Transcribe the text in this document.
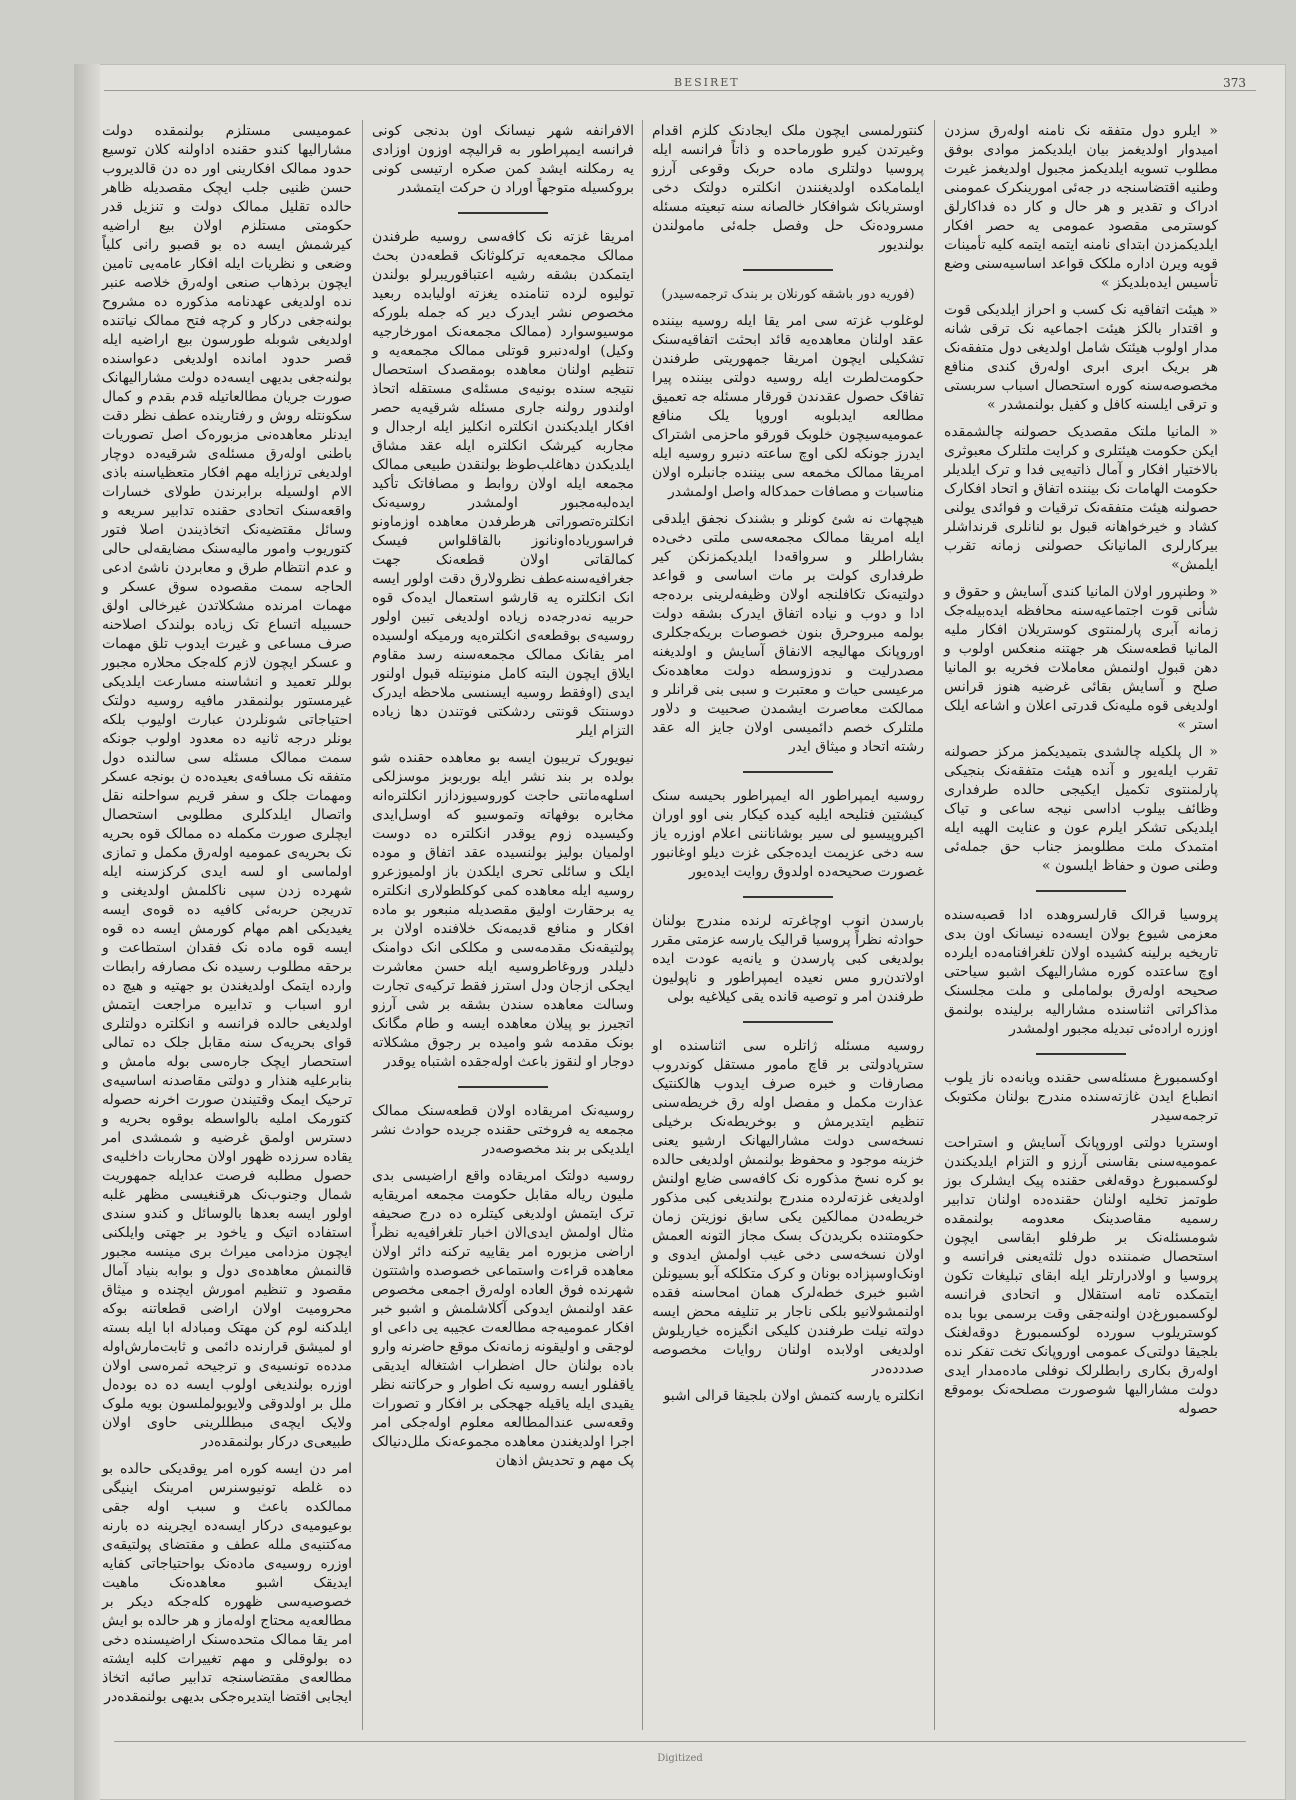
BESIRET	373

« ایلرو دول متفقه نک نامنه اوله‌رق سزدن امیدوار اولدیغمز بیان ایلدیکمز موادی بوفق مطلوب تسویه ایلدیکمز مجبول اولدیغمز غیرت وطنیه اقتضاسنجه در جه‌ئی امورینکرک عمومنی ادراک و تقدیر و هر حال و کار ده فداکارلق کوسترمی مقصود عمومی یه حصر افکار ایلدیکمزدن ابتدای نامنه ایتمه ایتمه کلیه تأمینات قویه ویرن اداره ملکک قواعد اساسیه‌سنی وضع تأسیس ایده‌بلدیکز »

« هیئت اتفاقیه نک کسب و احراز ایلدیکی قوت و اقتدار بالکز هیئت اجماعیه نک ترقی شانه مدار اولوب هیئتک شامل اولدیغی دول متفقه‌نک هر بریک ابری ابری اولەرق کندی منافع مخصوصه‌سنه کوره استحصال اسباب سربستی و ترقی ایلسنه کافل و کفیل بولنمشدر »

« المانیا ملتک مقصدیک حصولنه چالشمقده ایکن حکومت هیئتلری و کرایت ملتلرک معبوثری بالاختیار افکار و آمال ذاتیه‌یی فدا و ترک ایلدیلر حکومت الهامات نک بیننده اتفاق و اتحاد افکارک حصولنه هیئت متفقه‌نک ترقیات و فوائدی یولنی کشاد و خیرخواهانه قبول بو لنانلری قرنداشلر بیرکارلری المانیانک حصولنی زمانه تقرب ایلمش»

« وطنپرور اولان المانیا کندی آسایش و حقوق و شأنی قوت اجتماعیه‌سنه محافظه ایده‌بیلەجک زمانه آبری پارلمنتوی کوستریلان افکار ملیه المانیا قطعه‌سنک هر جهتنه منعکس اولوب و دهن قبول اولنمش معاملات فخریه بو المانیا صلح و آسایش بقائی غرضیه هنوز قرانس اولدیغی قوه ملیه‌نک قدرتی اعلان و اشاعه ایلک استر »

« ال پلکیله چالشدی بتمیدیکمز مرکز حصولنه تقرب ایله‌یور و آنده هیئت متفقه‌نک بنجیکی پارلمنتوی تکمیل ایکیجی حالده طرفداری وظائف بیلوب اداسی نیجه ساعی و تیاک ایلدیکی تشکر ایلرم عون و عنایت الهیه ایله امتمدک ملت مطلوبمز جناب حق جمله‌ئی وطنی صون و حفاظ ایلسون »

پروسیا قرالک قارلسروهده ادا قصبه‌سنده معزمی شیوع بولان ایسەده نیسانک اون بدی تاریخیه برلینه کشیده اولان تلغرافنامه‌ده ایلرده اوچ ساعتده کوره مشارالیهک اشبو سیاحتی صحیحه اوله‌رق بولماملی و ملت مجلسنک مذاکراتی اثناسنده مشارالیه برلینده بولنمق اوزره اراده‌ئی تبدیله مجبور اولمشدر

اوکسمبورغ مسئله‌سی حقنده ویانه‌ده ناز یلوب انطباع ایدن غازته‌سنده مندرج بولنان مکتوبک ترجمه‌سیدر

اوستریا دولتی اوروپانک آسایش و استراحت عمومیه‌سنی بقاسنی آرزو و التزام ایلدیکندن لوکسمبورغ دوقه‌لغی حقنده پیک ایشلرک بوز طوتمز تخلیه اولنان حقنده‌ده اولنان تدابیر رسمیه مقاصدینک معدومه بولنمقده شومسئله‌نک بر طرفلو ابقاسی ایچون استحصال ضمننده دول ثلثه‌یعنی فرانسه و پروسیا و اولادرارتلر ایله ابقای تبلیغات تکون ایتمکده تامه استقلال و اتحادی فرانسه لوکسمبورغ‌دن اولنه‌جقی وقت برسمی بوبا بده کوستریلوب سورده لوکسمبورغ دوقه‌لغنک بلجیقا دولتی‌ک عمومی اوروپانک تخت تفکر نده اولەرق بکاری رابطلرلک نوفلی مادەمدار ایدی دولت مشارالیها شوصورت مصلحەنک بوموقع حصوله

کنتورلمسی ایچون ملک ایجادنک کلزم اقدام وغیرتدن کیرو طورماحده و ذاتاً فرانسه ایله پروسیا دولتلری ماده حربک وقوعی آرزو ایلمامکده اولدیغنندن انکلتره دولتک دخی اوستریانک شوافکار خالصانه سنه تبعیته مسئله مسروده‌نک حل وفصل جله‌ئی مامولندن بولندیور

(فوریه دور باشقه کورنلان بر بندک ترجمه‌سیدر)

لوغلوب غزته سی امر یقا ایله روسیه بیننده عقد اولنان معاهده‌یه قائد ابحثت اتفاقیه‌سنک تشکیلی ایچون امریقا جمهوریتی طرفندن حکومت‌لطرت ایله روسیه دولتی بیننده پیرا تفاقک حصول عقدندن قورقار مسئله جه تعمیق مطالعه ایدبلوبه اوروپا یلک منافع عمومیه‌سیچون خلوبک قورقو ماحزمی اشتراک ایدرز جونکه لکی اوچ ساعته دنبرو روسیه ایله امریقا ممالک مخمعه سی بیننده جانبلره اولان مناسبات و مصافات حمدکالە واصل اولمشدر

هیچهات نه شئ کونلر و بشندک نجفق ایلدقی ایله امریقا ممالک مجمعه‌سی ملتی دخی‌ده بشاراطلر و سرواقه‌دا ایلدیکمزنکن کیر طرفداری کولت بر مات اساسی و قواعد دولتیه‌نک تکافلنجه اولان وظیفه‌لرینی برده‌جه ادا و دوب و نیاده اتفاق ایدرک بشقه دولت بولمه مبروحرق بنون خصوصات بریکه‌جکلری اوروپانک مهالیجه الانفاق آسایش و اولدیغنه مصدرلیت و ندوزوسطه دولت معاهده‌نک مرعیسی حیات و معتبرت و سبی بنی قرانلر و ممالکت معاصرت ایشمدن صحبیت و دلاور ملتلرک خصم دائمیسی اولان جایز اله عقد رشته اتحاد و میثاق ایدر

روسیه ایمپراطور اله ایمپراطور بحیسه سنک کیشتین فتلیحه ایلیه کیده کیکار بنی اوو اوران اکیروپیسیو لی سیر بوشاناننی اعلام اوزره یاز سه دخی عزیمت ایده‌جکی غزت دیلو اوغانبور غصورت صحیحه‌ده اولدوق روایت ایده‌یور

بارسدن انوب اوچاغرته لرنده مندرج بولنان حوادثه نظراً پروسیا قرالیک یارسه عزمتی مقرر بولدیغی کبی پارسدن و یانه‌یه عودت ایده اولاتدن‌رو مس نعیده ایمپراطور و ناپولیون طرفندن امر و توصیه قانده یقی کیلاغیه بولی

روسیه مسئله ژاتلره سی اثناسنده او سترپادولتی بر قاچ مامور مستقل کوندروب مصارفات و خبره صرف ایدوب هالکنتیک عذارت مکمل و مفصل اوله رق خریطه‌سنی تنظیم ایتدیرمش و بوخریطه‌نک برخیلی نسخه‌سی دولت مشارالیهانک ارشیو یعنی خزینه موجود و محفوظ بولنمش اولدیغی حالده بو کره نسخ مذکوره نک کافه‌سی ضایع اولنش اولدیغی غزته‌لرده مندرج بولندیغی کبی مذکور خریطه‌دن ممالکین یکی سابق نوزیتن زمان حکومتنده بکریدن‌ک بسک مجاز التونه العمش اولان نسخه‌سی دخی غیب اولمش ایدوی و اونک‌اوسپزاده بونان و کرک متکلکه آبو بسیونلن اشبو خبر‌ی خطه‌لرک همان امحاسنه فقده اولنمشولانیو بلکی ناجار بر تنلیفه محض ایسه دولته نیلت طرفندن کلیکی انگیزه‌ه خیاریلوش اولدیغی اولابده اولنان روایات مخصوصه صددده‌در

انکلتر‌ه یارسه کتمش اولان بلجیقا قرالی اشبو

الافرانفه شهر نیسانک اون بدنجی کونی فرانسه ایمپراطور به قرالیچه اوزون اوزادی یه رمکلنه ایشد کمن صکره ارتیسی کونی بروکسیله متوجهاً اوراد ن حرکت ایتمشدر

امریقا غزته نک کافه‌سی روسیه طرفندن ممالک مجمعه‌یه ترکلوثانک قطعه‌دن بحث ایتمکدن بشقه رشیه اعتباقوریبرلو بولندن تولیوه لرده تنامنده یغزته اولیابده ربعید مخصوص نشر ایدرک دیر که جمله بلورکه موسیوسوارد (ممالک مجمعه‌نک امورخارجیه وکیل) اوله‌دنبرو قوتلی ممالک مجمعه‌یه و تنظیم اولنان معاهده بومقصدک استحصال نتیجه سنده بونیه‌ی مسئله‌ی مستقله اتحاذ اولندور رولنه جاری مسئله شرقیه‌یه حصر افکار ایلدیکندن انکلتره انکلیز ایله ارجدال و مجاربه کیرشک انکلتر‌ه ایله عقد مشاق ایلدیکدن دهاغلب‌طوظ بولنقدن طبیعی ممالک مجمعه ایله اولان روابط و مصافاتک تأکید ایده‌لبه‌مجبور اولمشدر روسیه‌نک انکلتره‌تصوراتی هرطرفدن معاهد‌ه اوزماونو فراسوریاده‌اونانوز بالقاقلواس فیسک کمالقاتی اولان قطعه‌نک جهت جغرافیه‌سنه‌عطف نظرولارق دقت اولور ایسه انک انکلتره یه قارشو استعمال ایده‌ک قوه حربیه نه‌درجه‌ده زیاده اولدیغی تبین اولور روسیه‌ی بوقطعه‌ی انکلتره‌یه ورمیکه اولسیده امر یقانک ممالک مجمعه‌سنه رسد مقاوم ایلاق ایچون البته کامل منو‌نیتله قبول اولنور ایدی (اوفقط روسیه ایسنسی ملاحظه ایدرک دوسنتک قونتی ردشکتی فوتندن دها زیاده التزام ایلر

نیویورک تریبون ایسه بو معاهده حقنده شو بولده بر بند نشر ایله بوربوبز موسزلکی اسلهه‌مانتی حاجت کوروسیوزدازر انکلتره‌انه مخابره بوفهاته وتموسیو که اوسل‌ایدی وکیسیده زوم یوقدر انکلتره ده دوست اولمیان بولیز بولنسیده عقد اتفاق و موده ایلک و سائلی تحری ایلکدن باز اولمیوزعرو روسیه ایله معاهده کمی کوکلطولاری انکلتره یه برحقارت اولیق مقصدیله منبعور بو ماده افکار و منافع قدیمه‌نک خلافنده اولان بر پولتیقه‌نک مقدمه‌سی و مکلکی انک دوامنک دلیلدر وروغاطروسیه ایله حسن معاشرت ایجکی ازجان ودل استرز فقط ترکیه‌ی تجارت وسالت معاهده سندن بشقه بر شی آرزو اتجیرز بو پیلان معاهده ایسه و طام مگانک بو‌نک مقدمه شو وامیده بر رجوق مشکلاته دوجار او لنقوز باعث اوله‌جقده اشتباه یوقدر

روسیه‌نک امریقاده اولان قطعه‌سنک ممالک مجمعه یه فروختی حقنده جریده حوادث نشر ایلدیکی بر بند مخصوصه‌در

روسیه دولتک امریقاده واقع اراضیسی بدی ملیون ریاله مقابل حکومت مجمعه امریقایه ترک ایتمش اولدیغی کیتلره ده درج صحیفه مثال اولمش ایدی‌الان اخبار تلغرافیه‌یه نظراً اراضی مزبوره امر یقاییه ترکنه دائر اولان معاهده قراءت واستماعی خصوصده واشتتون شهرنده فوق العاده اولەرق اجمعی مخصوص عقد اولنمش ایدوکی آکلاشلمش و اشبو خبر افکار عمومیه‌جه مطالعه‌ت عجیبه یی داعی او لوجقی و اولیقونه زمانه‌نک موقع حاضرنه وارو باده بولنان حال اضطراب اشتغاله ایدیقی یاقفلور ایسه روسیه نک اطوار و حرکاتنه نظر یقیدی ایله یاقیله جهجکی بر افکار و تصورات وقعه‌سی عندالمطالعه معلوم اوله‌جکی امر اجرا اولدیغندن معاهده مجموعه‌نک ملل‌دنیالک پک مهم و تحدیش اذهان

عمومیسی مستلزم بولنمقده دولت مشارالیها کندو حقنده اداولنه کلان توسیع حدود ممالک افکارینی اور ده دن قالدیروب حسن ظنیی جلب ایچک مقصدیله ظاهر حالده تقلیل ممالک دولت و تنزیل قدر حکومتی مستلزم اولان بیع اراضیه کیرشمش ایسه ده بو قصبو رانی کلیاً وضعی و نظریات ایله افکار عامه‌یی تامین ایچون برذهاب صنعی اوله‌رق خلاصه عنبر نده اولدیغی عهدنامه مذکوره ده مشروح بولنه‌جغی درکار و کرچه فتح ممالک نیاتنده اولدیغی شوبله طورسون بیع اراضیه ایله قصر حدود امانده اولدیغی دعواسنده بولنه‌جغی بدیهی ایسه‌ده دولت مشارالیهانک صورت جریان مطالعاتیله قدم بقدم و کمال سکونتله روش و رفتاریند‌ه عطف نظر دقت ایدنلر معاهده‌نی مزبوره‌ک اصل تصوریات باطنی اولەرق مسئله‌ی شرقیه‌ده دوچار اولدیغی ترزایله مهم افکار متعظیاسنه باذی الام اولسیله برابرندن طولای خسارات واقعه‌سنک اتحادی حقنده تدابیر سریعه و وسائل مقتضیه‌نک اتخاذیندن اصلا فتور کتوریوب وامور مالیه‌سنک مضایقه‌لی حالی و عدم انتظام طرق و معابردن ناشئ ادعی الحاجه سمت مقصود‌ه سوق عسکر و مهمات امرنده مشکلاتدن غیرخالی اولق حسبیله اتساع تک زیاده بولندک اصلاحنه صرف مساعی و غیرت ایدوب تلق مهمات و عسکر ایچون لازم کلەجک محلاره مجبور بوللر تعمید و انشاسنه مسارعت ایلدیکی غیرمستور بولنمقدر مافیه روسیه دولتک احتیاجاتی شونلردن عبارت اولیوب بلکه بونلر درجه ثانیه ده معدود اولوب جونکه سمت ممالک مسئله سی سالنده دول متفقه نک مسافه‌ی بعیده‌ده ن بونجه عسکر ومهمات جلک و سفر قریم سواحلنه نقل واتصال ایلدکلری مطلوبی استحصال ایچلری صورت مکمله ده ممالک قوه بحریه نک بحریه‌ی عمومیه اولەرق مکمل و تمازی اولماسی او لسه ایدی کرکزسنه ایله شهرده زدن سپی ناکلمش اولدیغنی و تدریجن حربه‌ئی کافیه ده قوه‌ی ایسه یغیدیکی اهم مهام کورمش ایسه ده قوه ایسه قوه ماده نک فقدان استطاعت و برحقه مطلوب رسیده نک مصارفه رابطات وارده ایتمک اولدیغندن بو جهتیه و هیچ ده ارو اسباب و تدابیره مراجعت ایتمش اولدیغی حالده فرانسه و انکلتره دولتلری قوای بحریه‌ک سنه مقابل جلک ده تمالی استحصار ایچک جاره‌سی بوله مامش و بنابرعلیه هنذار و دولتی مقاصدنه اساسیه‌ی ترحیک ایمک وقتیندن صورت اخرنه حصوله کتورمک املیه بالواسطه بوقوه بحریه و دسترس اولمق غرضیه و شمشدی امر یقاده سرزده ظهور اولان محاربات داخلیه‌ی حصول مطلبه فرصت عدایله جمهوریت شمال وجنوب‌نک هرقنغیسی مظهر غلبه اولور ایسه بعدها بالوسائل و کندو سندی استفاده اتیک و یاخود بر جهتی وایلکنی ایچون مزدامی میراث بری مینسه مجبور قالنمش معاهده‌ی دول و بوابه بنیاد آمال مقصود و تنظیم امورش ایچنده و میثاق محرومیت اولان اراضی قطعاتنه بوکه ایلدکنه لوم کن مهتک ومبادله ابا ایله بسته او لمیشق قرارنده دائمی و ثابت‌مارش‌اوله مدده‌ه تونسیه‌ی و ترجیحه ثمره‌سی اولان اوزره بولندیغی اولوب ایسه ده ده بوده‌ل ملل بر اولدوقی ولایوبولملسون بویه ملوک ولایک ایچه‌ی مبطللرینی حاوی اولان طبیعی‌ی درکار بولنمقده‌در

امر دن ایسه کوره امر یوقدیکی حالده بو ده غلطه تونیوسنرس امرینک اینیگی ممالکده باعث و سبب اوله جقی بوعیومیه‌ی درکار ایسه‌ده ایجرینه ده بارنه مه‌کتنیه‌ی ملله عطف و مقتضای پولتیقه‌ی اوزره روسیه‌ی ماده‌نک بواحتیاجاتی کفایه ایدیقک اشبو معاهده‌نک ماهیت خصوصیه‌سی ظهوره کله‌جکه دیکر بر مطالعه‌یه محتاج اوله‌ماز و هر حالده بو ایش امر یقا ممالک متحده‌سنک اراضیسنده دخی ده بولوقلی و مهم تغییرات کلبه ایشته مطالعه‌ی مقتضا‌سنجه تدابیر صائبه اتخاذ ایجابی اقتضا ایتدیره‌جکی بدیهی بولنمقده‌در

Digitized
